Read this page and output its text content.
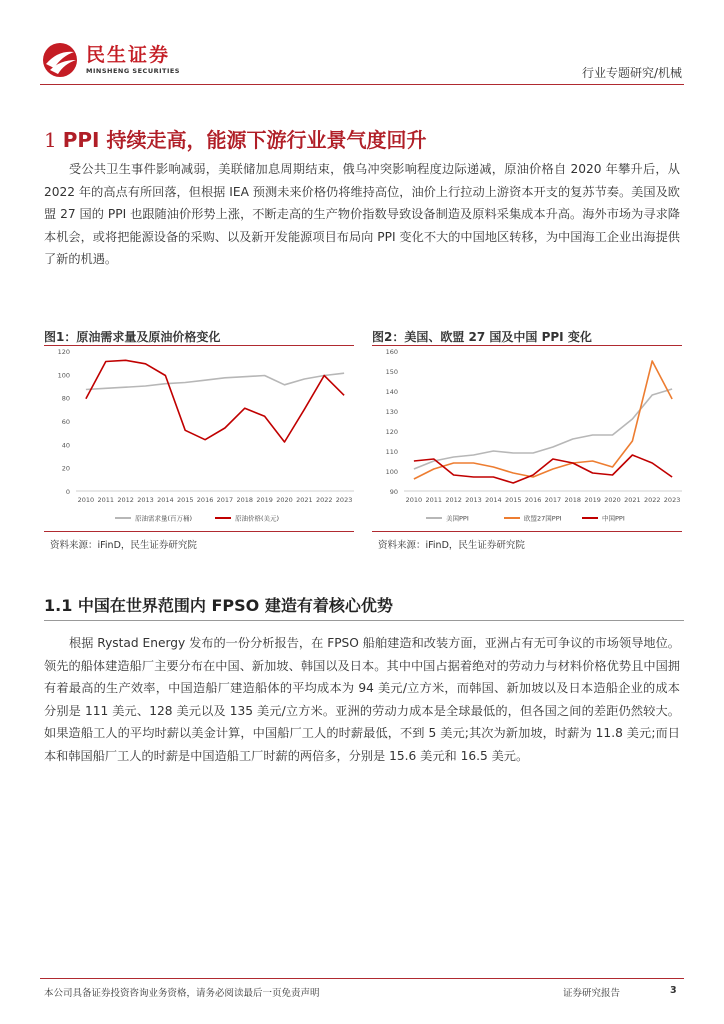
民生证券
MINSHENG SECURITIES	行业专题研究/机械
1 PPI 持续走高，能源下游行业景气度回升
受公共卫生事件影响减弱，美联储加息周期结束，俄乌冲突影响程度边际递减，原油价格自 2020 年攀升后，从 2022 年的高点有所回落，但根据 IEA 预测未来价格仍将维持高位，油价上行拉动上游资本开支的复苏节奏。美国及欧盟 27 国的 PPI 也跟随油价形势上涨，不断走高的生产物价指数导致设备制造及原料采集成本升高。海外市场为寻求降本机会，或将把能源设备的采购、以及新开发能源项目布局向 PPI 变化不大的中国地区转移，为中国海工企业出海提供了新的机遇。
图1：原油需求量及原油价格变化
0
20
40
60
80
100
120
2010 2011 2012 2013 2014 2015 2016 2017 2018 2019 2020 2021 2022 2023
原油需求量(百万桶)	原油价格(美元)
资料来源：iFinD，民生证券研究院
图2：美国、欧盟 27 国及中国 PPI 变化
90
100
110
120
130
140
150
160
2010 2011 2012 2013 2014 2015 2016 2017 2018 2019 2020 2021 2022 2023
美国PPI	欧盟27国PPI	中国PPI
资料来源：iFinD，民生证券研究院
1.1 中国在世界范围内 FPSO 建造有着核心优势
根据 Rystad Energy 发布的一份分析报告，在 FPSO 船舶建造和改装方面，亚洲占有无可争议的市场领导地位。领先的船体建造船厂主要分布在中国、新加坡、韩国以及日本。其中中国占据着绝对的劳动力与材料价格优势且中国拥有着最高的生产效率，中国造船厂建造船体的平均成本为 94 美元/立方米，而韩国、新加坡以及日本造船企业的成本分别是 111 美元、128 美元以及 135 美元/立方米。亚洲的劳动力成本是全球最低的，但各国之间的差距仍然较大。如果造船工人的平均时薪以美金计算，中国船厂工人的时薪最低，不到 5 美元;其次为新加坡，时薪为 11.8 美元;而日本和韩国船厂工人的时薪是中国造船工厂时薪的两倍多，分别是 15.6 美元和 16.5 美元。
本公司具备证券投资咨询业务资格，请务必阅读最后一页免责声明	证券研究报告	3
